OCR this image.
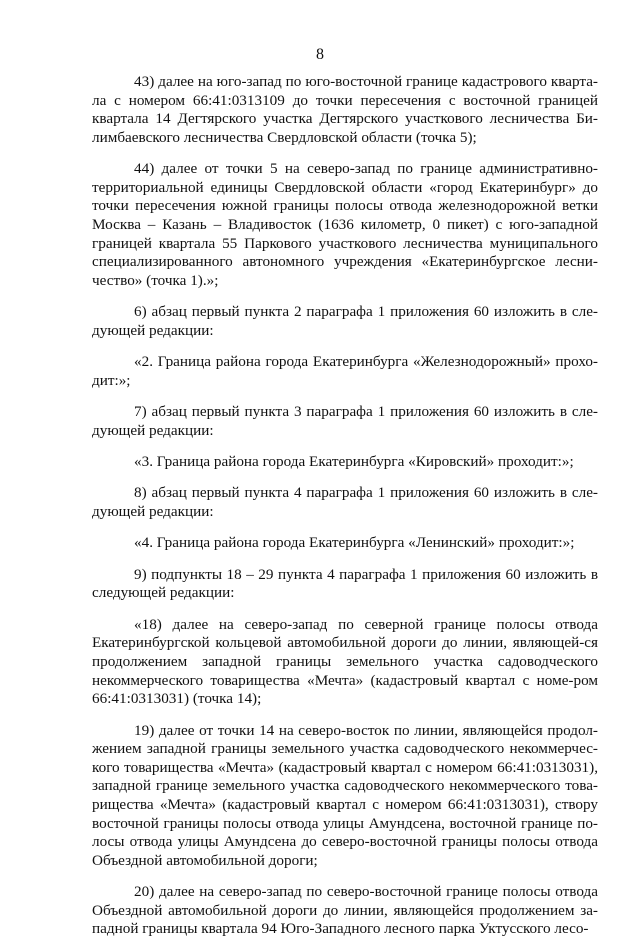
8

43) далее на юго-запад по юго-восточной границе кадастрового кварта-ла с номером 66:41:0313109 до точки пересечения с восточной границей квартала 14 Дегтярского участка Дегтярского участкового лесничества Би-лимбаевского лесничества Свердловской области (точка 5);

44) далее от точки 5 на северо-запад по границе административно-территориальной единицы Свердловской области «город Екатеринбург» до точки пересечения южной границы полосы отвода железнодорожной ветки Москва – Казань – Владивосток (1636 километр, 0 пикет) с юго-западной границей квартала 55 Паркового участкового лесничества муниципального специализированного автономного учреждения «Екатеринбургское лесни-чество» (точка 1).»;

6) абзац первый пункта 2 параграфа 1 приложения 60 изложить в сле-дующей редакции:

«2. Граница района города Екатеринбурга «Железнодорожный» прохо-дит:»;

7) абзац первый пункта 3 параграфа 1 приложения 60 изложить в сле-дующей редакции:

«3. Граница района города Екатеринбурга «Кировский» проходит:»;

8) абзац первый пункта 4 параграфа 1 приложения 60 изложить в сле-дующей редакции:

«4. Граница района города Екатеринбурга «Ленинский» проходит:»;

9) подпункты 18 – 29 пункта 4 параграфа 1 приложения 60 изложить в следующей редакции:

«18) далее на северо-запад по северной границе полосы отвода Екатеринбургской кольцевой автомобильной дороги до линии, являющей-ся продолжением западной границы земельного участка садоводческого некоммерческого товарищества «Мечта» (кадастровый квартал с номе-ром 66:41:0313031) (точка 14);

19) далее от точки 14 на северо-восток по линии, являющейся продол-жением западной границы земельного участка садоводческого некоммерчес-кого товарищества «Мечта» (кадастровый квартал с номером 66:41:0313031), западной границе земельного участка садоводческого некоммерческого това-рищества «Мечта» (кадастровый квартал с номером 66:41:0313031), створу восточной границы полосы отвода улицы Амундсена, восточной границе по-лосы отвода улицы Амундсена до северо-восточной границы полосы отвода Объездной автомобильной дороги;

20) далее на северо-запад по северо-восточной границе полосы отвода Объездной автомобильной дороги до линии, являющейся продолжением за-падной границы квартала 94 Юго-Западного лесного парка Уктусского лесо-
